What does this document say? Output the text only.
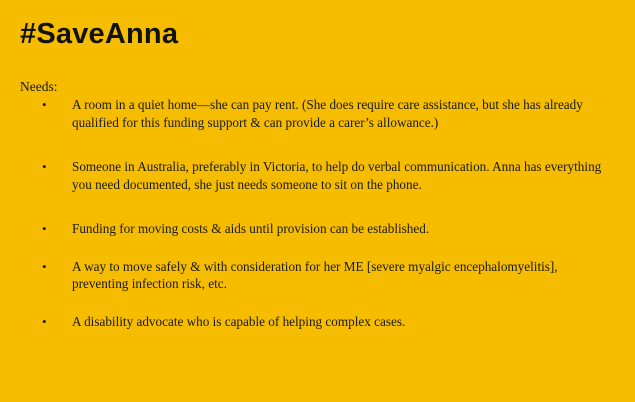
#SaveAnna
Needs:
• A room in a quiet home—she can pay rent. (She does require care assistance, but she has already qualified for this funding support & can provide a carer’s allowance.)
• Someone in Australia, preferably in Victoria, to help do verbal communication. Anna has everything you need documented, she just needs someone to sit on the phone.
• Funding for moving costs & aids until provision can be established.
• A way to move safely & with consideration for her ME [severe myalgic encephalomyelitis], preventing infection risk, etc.
• A disability advocate who is capable of helping complex cases.
